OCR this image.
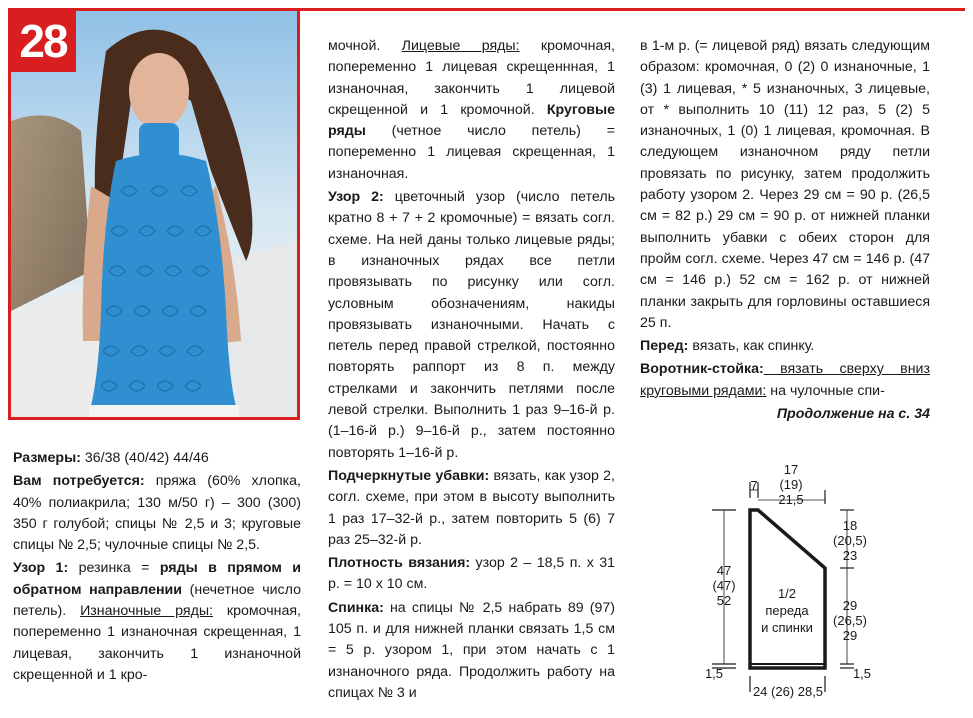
28

Размеры: 36/38 (40/42) 44/46

Вам потребуется: пряжа (60% хлопка, 40% полиакрила; 130 м/50 г) – 300 (300) 350 г голубой; спицы № 2,5 и 3; круговые спицы № 2,5; чулочные спицы № 2,5.

Узор 1: резинка = ряды в прямом и обратном направлении (нечетное число петель). Изнаночные ряды: кромочная, попеременно 1 изнаночная скрещенная, 1 лицевая, закончить 1 изнаночной скрещенной и 1 кро-

мочной. Лицевые ряды: кромочная, попеременно 1 лицевая скрещеннная, 1 изнаночная, закончить 1 лицевой скрещенной и 1 кромочной. Круговые ряды (четное число петель) = попеременно 1 лицевая скрещенная, 1 изнаночная.

Узор 2: цветочный узор (число петель кратно 8 + 7 + 2 кромочные) = вязать согл. схеме. На ней даны только лицевые ряды; в изнаночных рядах все петли провязывать по рисунку или согл. условным обозначениям, накиды провязывать изнаночными. Начать с петель перед правой стрелкой, постоянно повторять раппорт из 8 п. между стрелками и закончить петлями после левой стрелки. Выполнить 1 раз 9–16-й р. (1–16-й р.) 9–16-й р., затем постоянно повторять 1–16-й р.

Подчеркнутые убавки: вязать, как узор 2, согл. схеме, при этом в высоту выполнить 1 раз 17–32-й р., затем повторить 5 (6) 7 раз 25–32-й р.

Плотность вязания: узор 2 – 18,5 п. х 31 р. = 10 х 10 см.

Спинка: на спицы № 2,5 набрать 89 (97) 105 п. и для нижней планки связать 1,5 см = 5 р. узором 1, при этом начать с 1 изнаночного ряда. Продолжить работу на спицах № 3 и

в 1-м р. (= лицевой ряд) вязать следующим образом: кромочная, 0 (2) 0 изнаночные, 1 (3) 1 лицевая, * 5 изнаночных, 3 лицевые, от * выполнить 10 (11) 12 раз, 5 (2) 5 изнаночных, 1 (0) 1 лицевая, кромочная. В следующем изнаночном ряду петли провязать по рисунку, затем продолжить работу узором 2. Через 29 см = 90 р. (26,5 см = 82 р.) 29 см = 90 р. от нижней планки выполнить убавки с обеих сторон для пройм согл. схеме. Через 47 см = 146 р. (47 см = 146 р.) 52 см = 162 р. от нижней планки закрыть для горловины оставшиеся 25 п.

Перед: вязать, как спинку.

Воротник-стойка: вязать сверху вниз круговыми рядами: на чулочные спи-

Продолжение на с. 34

7
17
(19)
21,5
18
(20,5)
23
47
(47)
52	1/2
переда
и спинки
29
(26,5)
29
1,5	1,5
24 (26) 28,5
